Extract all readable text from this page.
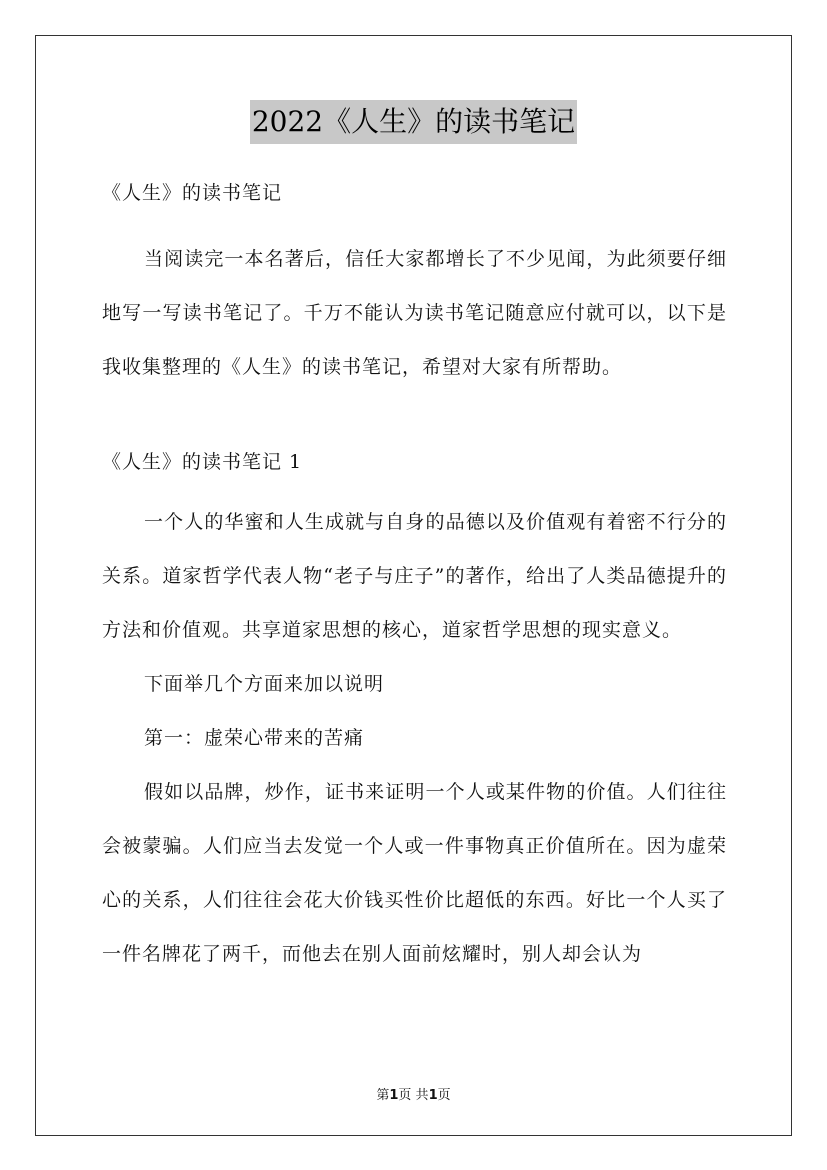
2022《人生》的读书笔记

《人生》的读书笔记

当阅读完一本名著后，信任大家都增长了不少见闻，为此须要仔细地写一写读书笔记了。千万不能认为读书笔记随意应付就可以，以下是我收集整理的《人生》的读书笔记，希望对大家有所帮助。

《人生》的读书笔记 1

一个人的华蜜和人生成就与自身的品德以及价值观有着密不行分的关系。道家哲学代表人物“老子与庄子”的著作，给出了人类品德提升的方法和价值观。共享道家思想的核心，道家哲学思想的现实意义。

下面举几个方面来加以说明

第一：虚荣心带来的苦痛

假如以品牌，炒作，证书来证明一个人或某件物的价值。人们往往会被蒙骗。人们应当去发觉一个人或一件事物真正价值所在。因为虚荣心的关系，人们往往会花大价钱买性价比超低的东西。好比一个人买了一件名牌花了两千，而他去在别人面前炫耀时，别人却会认为

第1页 共1页
